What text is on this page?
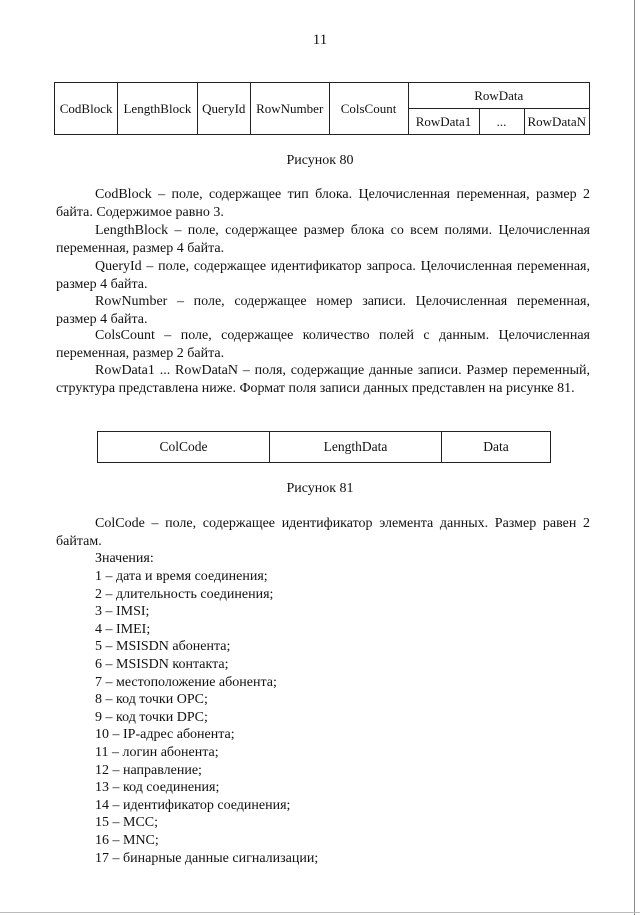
11
CodBlock	LengthBlock	QueryId	RowNumber	ColsCount	RowData		
					RowData1	...	RowDataN
Рисунок 80

CodBlock – поле, содержащее тип блока. Целочисленная переменная, размер 2 байта. Содержимое равно 3.

LengthBlock – поле, содержащее размер блока со всем полями. Целочисленная переменная, размер 4 байта.

QueryId – поле, содержащее идентификатор запроса. Целочисленная переменная, размер 4 байта.

RowNumber – поле, содержащее номер записи. Целочисленная переменная, размер 4 байта.

ColsCount – поле, содержащее количество полей с данным. Целочисленная переменная, размер 2 байта.

RowData1 ... RowDataN – поля, содержащие данные записи. Размер переменный, структура представлена ниже. Формат поля записи данных представлен на рисунке 81.

ColCode	LengthData	Data
Рисунок 81

ColCode – поле, содержащее идентификатор элемента данных. Размер равен 2 байтам.

Значения:

1 – дата и время соединения;
2 – длительность соединения;
3 – IMSI;
4 – IMEI;
5 – MSISDN абонента;
6 – MSISDN контакта;
7 – местоположение абонента;
8 – код точки OPC;
9 – код точки DPC;
10 – IP-адрес абонента;
11 – логин абонента;
12 – направление;
13 – код соединения;
14 – идентификатор соединения;
15 – MCC;
16 – MNC;
17 – бинарные данные сигнализации;
